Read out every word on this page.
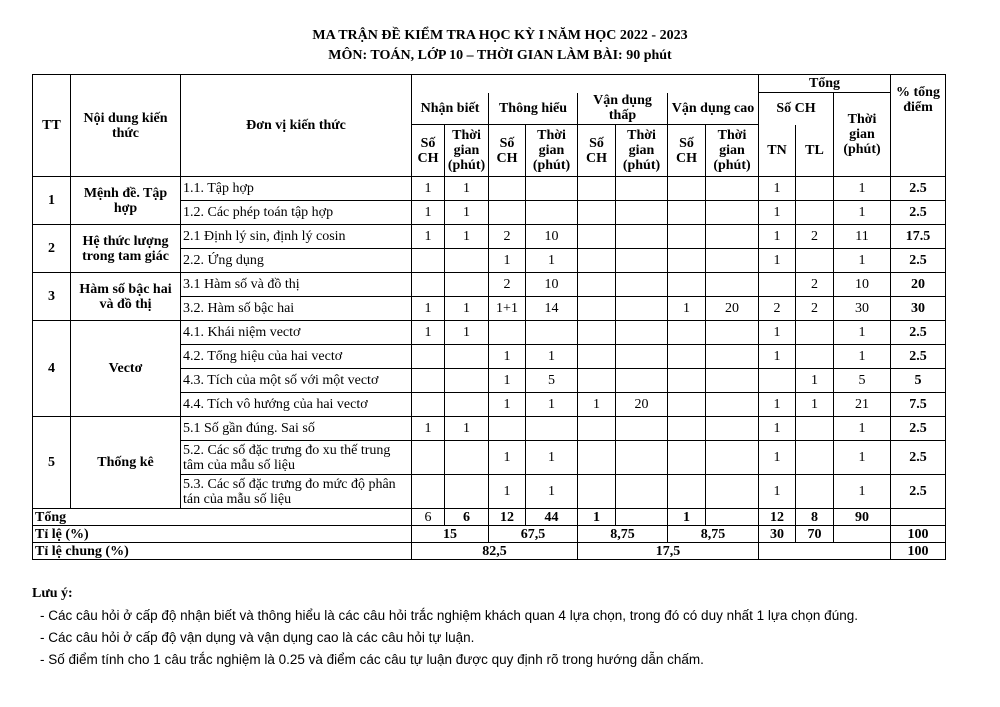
MA TRẬN ĐỀ KIỂM TRA HỌC KỲ I NĂM HỌC 2022 - 2023
MÔN: TOÁN, LỚP 10 – THỜI GIAN LÀM BÀI: 90 phút
TT	Nội dung kiến thức	Đơn vị kiến thức									Tổng			% tổng điểm
			Nhận biết		Thông hiểu		Vận dụng thấp		Vận dụng cao		Số CH		Thời gian (phút)	
			Số CH	Thời gian (phút)	Số CH	Thời gian (phút)	Số CH	Thời gian (phút)	Số CH	Thời gian (phút)	TN	TL		

1	Mệnh đề. Tập hợp	1.1. Tập hợp	1	1							1		1	2.5
		1.2. Các phép toán tập hợp	1	1							1		1	2.5
2	Hệ thức lượng trong tam giác	2.1 Định lý sin, định lý cosin	1	1	2	10					1	2	11	17.5
		2.2. Ứng dụng			1	1					1		1	2.5
3	Hàm số bậc hai và đồ thị	3.1 Hàm số và đồ thị			2	10						2	10	20
		3.2. Hàm số bậc hai	1	1	1+1	14			1	20	2	2	30	30
4	Vectơ	4.1. Khái niệm vectơ	1	1							1		1	2.5
		4.2. Tổng hiệu của hai vectơ			1	1					1		1	2.5
		4.3. Tích của một số với một vectơ			1	5						1	5	5
		4.4. Tích vô hướng của hai vectơ			1	1	1	20			1	1	21	7.5
5	Thống kê	5.1 Số gần đúng. Sai số	1	1							1		1	2.5
		5.2. Các số đặc trưng đo xu thế trung tâm của mẫu số liệu			1	1					1		1	2.5
		5.3. Các số đặc trưng đo mức độ phân tán của mẫu số liệu			1	1					1		1	2.5
Tổng			6	6	12	44	1		1		12	8	90	
Tỉ lệ (%)			15		67,5		8,75		8,75		30	70		100
Tỉ lệ chung (%)			82,5				17,5							100
Lưu ý:
- Các câu hỏi ở cấp độ nhận biết và thông hiểu là các câu hỏi trắc nghiệm khách quan 4 lựa chọn, trong đó có duy nhất 1 lựa chọn đúng.
- Các câu hỏi ở cấp độ vận dụng và vận dụng cao là các câu hỏi tự luận.
- Số điểm tính cho 1 câu trắc nghiệm là 0.25 và điểm các câu tự luận được quy định rõ trong hướng dẫn chấm.
